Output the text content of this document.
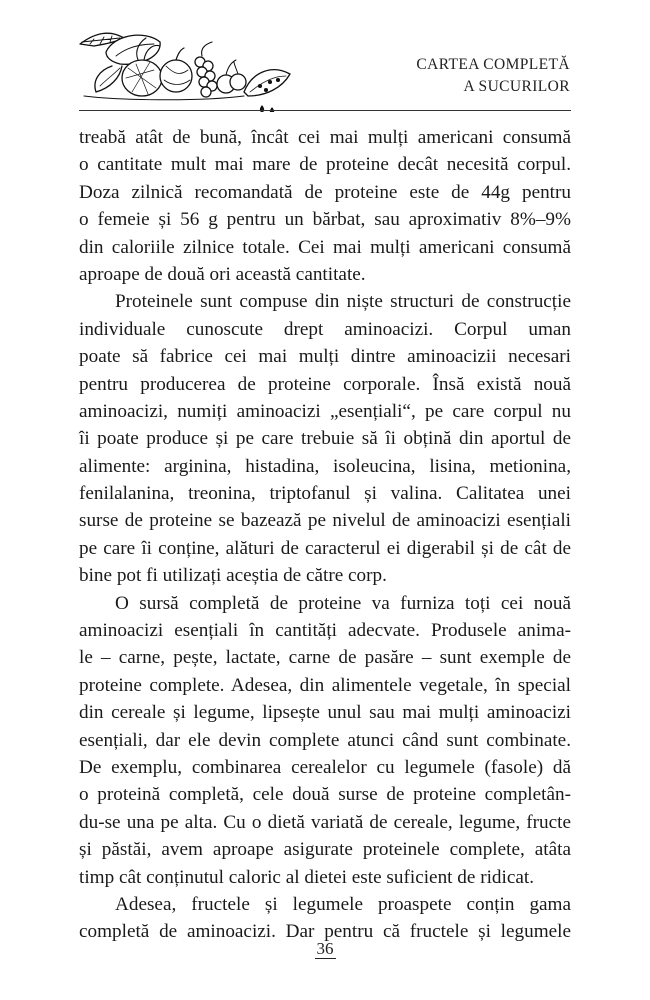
CARTEA COMPLETĂ
A SUCURILOR
treabă atât de bună, încât cei mai mulți americani consumă
o cantitate mult mai mare de proteine decât necesită corpul.
Doza zilnică recomandată de proteine este de 44g pentru
o femeie și 56 g pentru un bărbat, sau aproximativ 8%–9%
din caloriile zilnice totale. Cei mai mulți americani consumă
aproape de două ori această cantitate.
Proteinele sunt compuse din niște structuri de construcție
individuale cunoscute drept aminoacizi. Corpul uman
poate să fabrice cei mai mulți dintre aminoacizii necesari
pentru producerea de proteine corporale. Însă există nouă
aminoacizi, numiți aminoacizi „esențiali“, pe care corpul nu
îi poate produce și pe care trebuie să îi obțină din aportul de
alimente: arginina, histadina, isoleucina, lisina, metionina,
fenilalanina, treonina, triptofanul și valina. Calitatea unei
surse de proteine se bazează pe nivelul de aminoacizi esențiali
pe care îi conține, alături de caracterul ei digerabil și de cât de
bine pot fi utilizați aceștia de către corp.
O sursă completă de proteine va furniza toți cei nouă
aminoacizi esențiali în cantități adecvate. Produsele anima-
le – carne, pește, lactate, carne de pasăre – sunt exemple de
proteine complete. Adesea, din alimentele vegetale, în special
din cereale și legume, lipsește unul sau mai mulți aminoacizi
esențiali, dar ele devin complete atunci când sunt combinate.
De exemplu, combinarea cerealelor cu legumele (fasole) dă
o proteină completă, cele două surse de proteine completân-
du-se una pe alta. Cu o dietă variată de cereale, legume, fructe
și păstăi, avem aproape asigurate proteinele complete, atâta
timp cât conținutul caloric al dietei este suficient de ridicat.
Adesea, fructele și legumele proaspete conțin gama
completă de aminoacizi. Dar pentru că fructele și legumele
36
